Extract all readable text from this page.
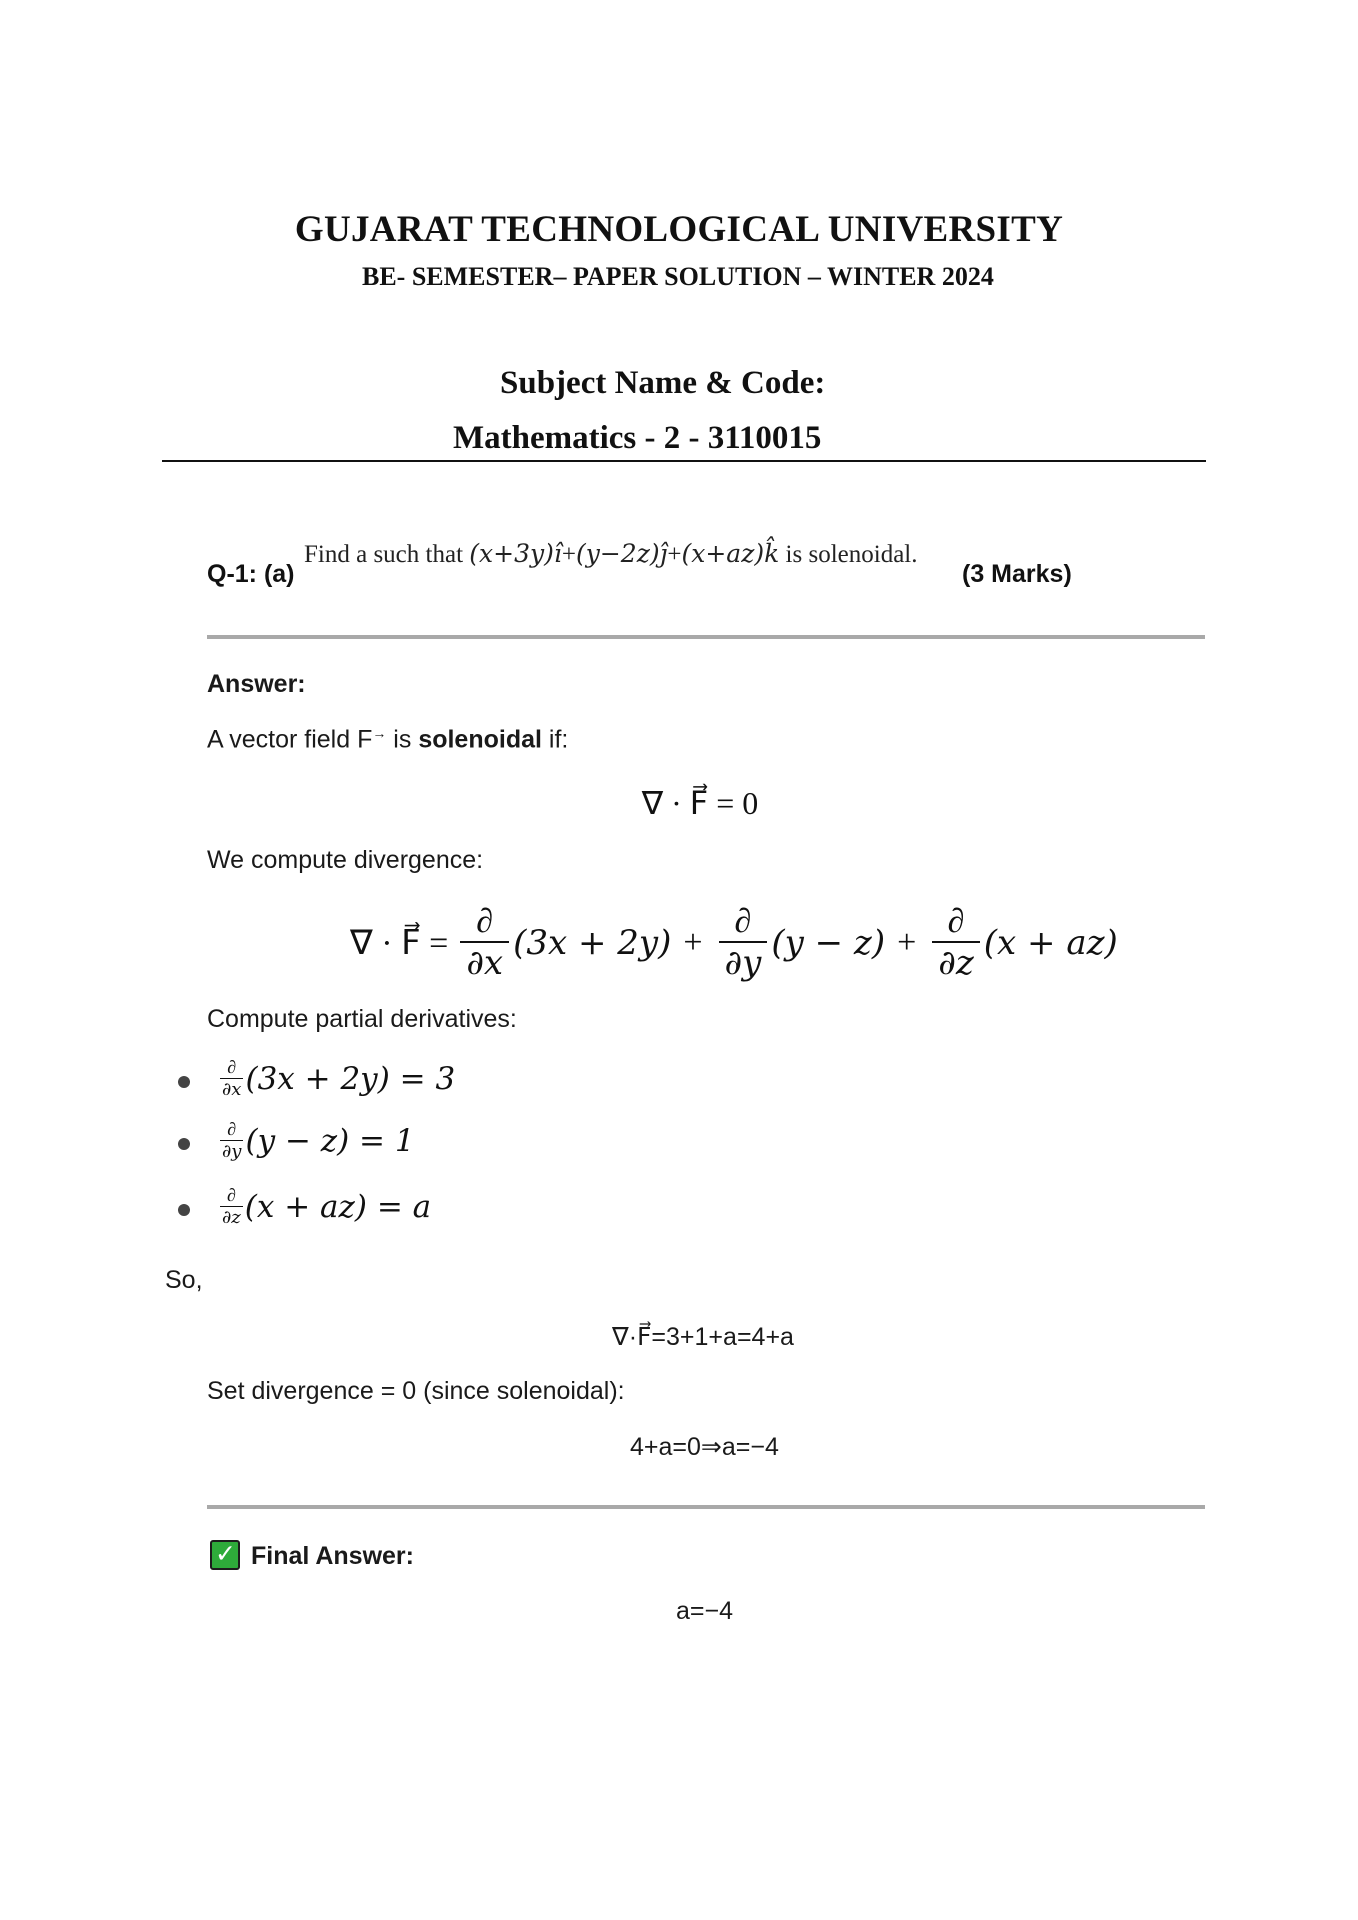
GUJARAT TECHNOLOGICAL UNIVERSITY
BE- SEMESTER– PAPER SOLUTION – WINTER 2024
Subject Name & Code:
Mathematics - 2 - 3110015
Q-1: (a)
Find a such that (x+3y)î+(y−2z)ĵ+(x+az)k̂ is solenoidal.
(3 Marks)
Answer:
A vector field F→ is solenoidal if:
∇ · F⃗ = 0
We compute divergence:
∇ · F⃗ = $\frac{\partial}{\partial x} (3x + 2y) + \frac{\partial}{\partial y} (y - z) + \frac{\partial}{\partial z} (x + az)$
Compute partial derivatives:
$\frac{\partial}{\partial x} (3x + 2y) = 3$
$\frac{\partial}{\partial y} (y - z) = 1$
$\frac{\partial}{\partial z} (x + az) = a$
So,
∇·F⃗=3+1+a=4+a
Set divergence = 0 (since solenoidal):
4+a=0⇒a=−4
✓ Final Answer:
a=−4
